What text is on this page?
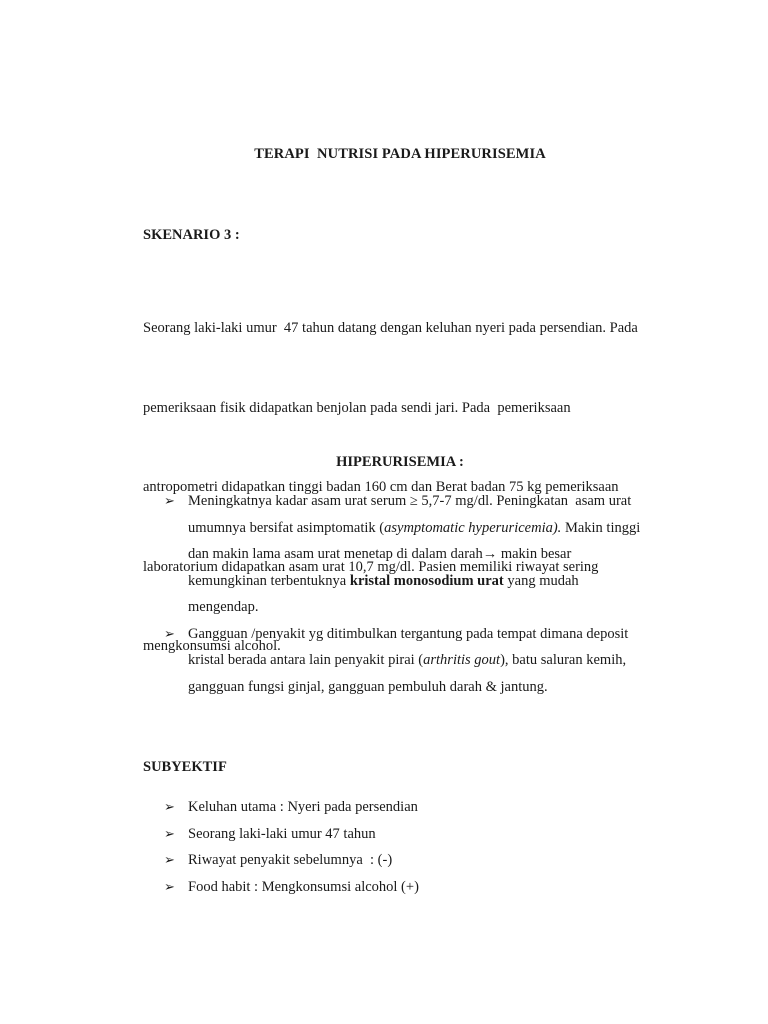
TERAPI  NUTRISI PADA HIPERURISEMIA
SKENARIO 3 :

Seorang laki-laki umur  47 tahun datang dengan keluhan nyeri pada persendian. Pada

pemeriksaan fisik didapatkan benjolan pada sendi jari. Pada  pemeriksaan

antropometri didapatkan tinggi badan 160 cm dan Berat badan 75 kg pemeriksaan

laboratorium didapatkan asam urat 10,7 mg/dl. Pasien memiliki riwayat sering

mengkonsumsi alcohol.

HIPERURISEMIA :
➢ Meningkatnya kadar asam urat serum ≥ 5,7-7 mg/dl. Peningkatan  asam urat
umumnya bersifat asimptomatik (asymptomatic hyperuricemia). Makin tinggi
dan makin lama asam urat menetap di dalam darah→ makin besar
kemungkinan terbentuknya kristal monosodium urat yang mudah
mengendap.
➢ Gangguan /penyakit yg ditimbulkan tergantung pada tempat dimana deposit
kristal berada antara lain penyakit pirai (arthritis gout), batu saluran kemih,
gangguan fungsi ginjal, gangguan pembuluh darah & jantung.
SUBYEKTIF
➢ Keluhan utama : Nyeri pada persendian
➢ Seorang laki-laki umur 47 tahun
➢ Riwayat penyakit sebelumnya  : (-)
➢ Food habit : Mengkonsumsi alcohol (+)
